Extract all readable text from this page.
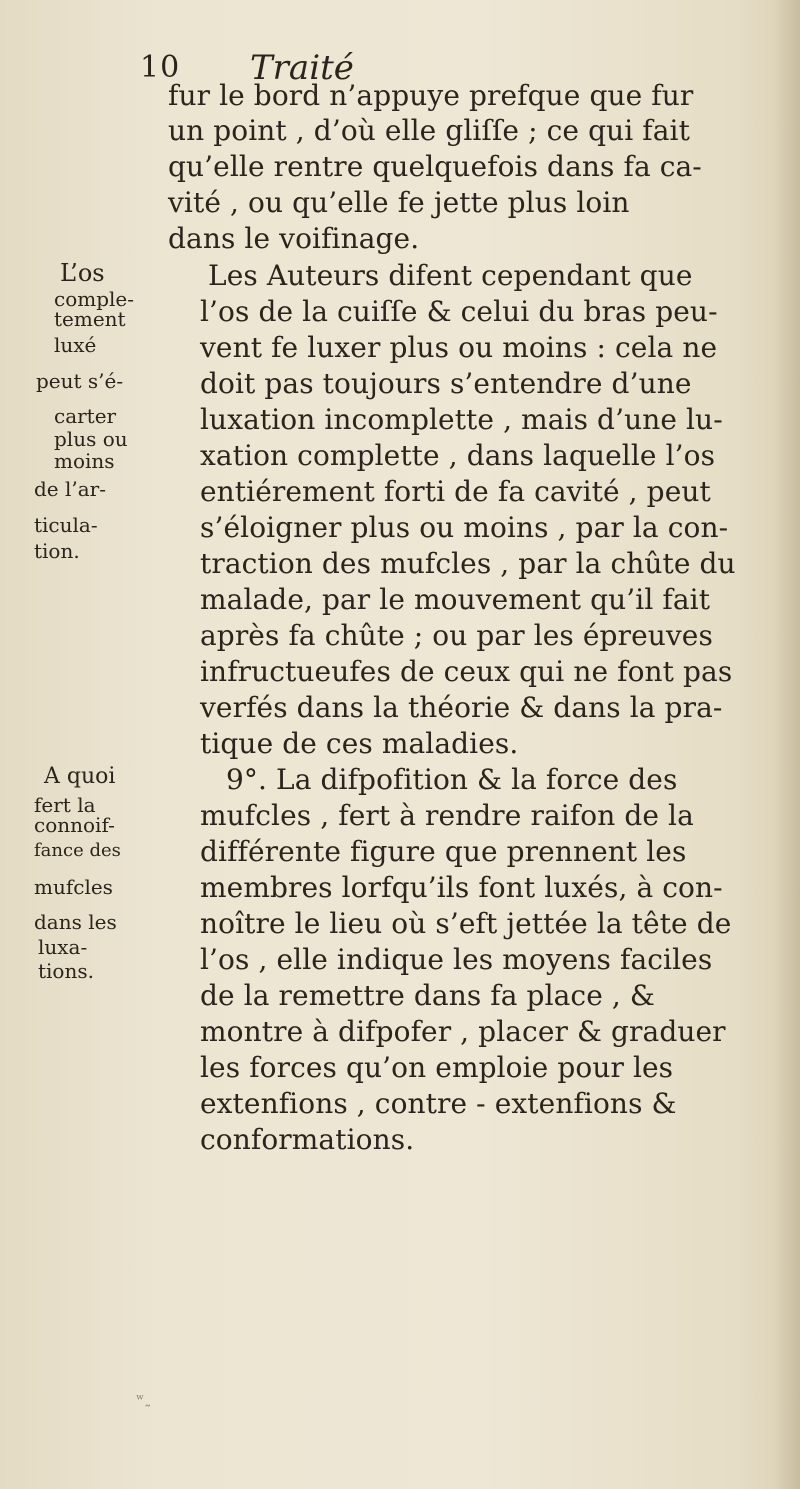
10 Traité
fur le bord n’appuye prefque que fur
un point , d’où elle gliſſe ; ce qui fait
qu’elle rentre quelquefois dans fa ca-
vité , ou qu’elle fe jette plus loin
dans le voifinage.
Les Auteurs difent cependant que
l’os de la cuiſſe & celui du bras peu-
vent fe luxer plus ou moins : cela ne
doit pas toujours s’entendre d’une
luxation incomplette , mais d’une lu-
xation complette , dans laquelle l’os
entiérement forti de fa cavité , peut
s’éloigner plus ou moins , par la con-
traction des mufcles , par la chûte du
malade, par le mouvement qu’il fait
après fa chûte ; ou par les épreuves
infructueufes de ceux qui ne font pas
verfés dans la théorie & dans la pra-
tique de ces maladies.
9°. La difpofition & la force des
mufcles , fert à rendre raifon de la
différente figure que prennent les
membres lorfqu’ils font luxés, à con-
noître le lieu où s’eft jettée la tête de
l’os , elle indique les moyens faciles
de la remettre dans fa place , &
montre à difpofer , placer & graduer
les forces qu’on emploie pour les
extenfions , contre - extenfions &
conformations.
L’os
comple-
tement
luxé
peut s’é-
carter
plus ou
moins
de l’ar-
ticula-
tion.
A quoi
fert la
connoif-
fance des
mufcles
dans les
luxa-
tions.
ʷ˷
